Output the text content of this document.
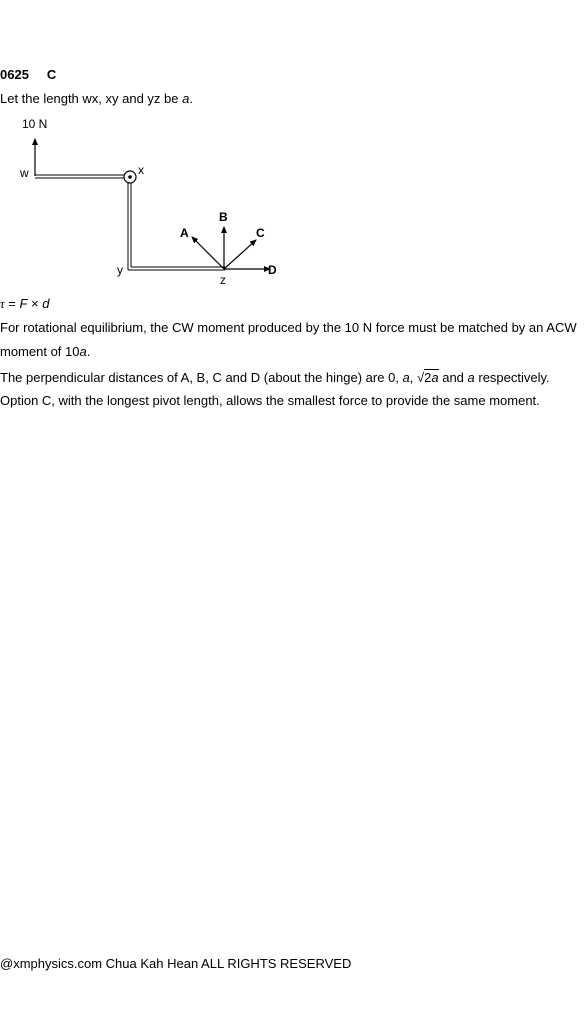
0625 C
Let the length wx, xy and yz be a.
10 N
w	x
y
z
A
B
C
D
τ = F × d
For rotational equilibrium, the CW moment produced by the 10 N force must be matched by an ACW
moment of 10a.
The perpendicular distances of A, B, C and D (about the hinge) are 0, a, √2a and a respectively.
Option C, with the longest pivot length, allows the smallest force to provide the same moment.
@xmphysics.com Chua Kah Hean ALL RIGHTS RESERVED
